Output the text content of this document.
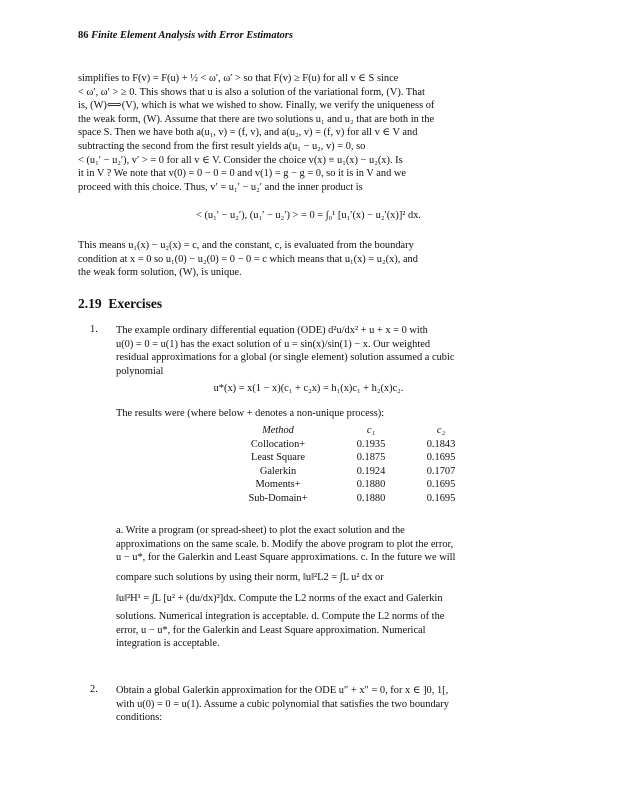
86 Finite Element Analysis with Error Estimators
simplifies to F(v) = F(u) + ½ < ω′, ω′ > so that F(v) ≥ F(u) for all v ∈ S since
< ω′, ω′ > ≥ 0. This shows that u is also a solution of the variational form, (V). That
is, (W)⟺(V), which is what we wished to show. Finally, we verify the uniqueness of
the weak form, (W). Assume that there are two solutions u₁ and u₂ that are both in the
space S. Then we have both a(u₁, v) = (f, v), and a(u₂, v) = (f, v) for all v ∈ V and
subtracting the second from the first result yields a(u₁ − u₂, v) = 0, so
< (u₁′ − u₂′), v′ > = 0 for all v ∈ V. Consider the choice v(x) ≡ u₁(x) − u₂(x). Is
it in V ? We note that v(0) = 0 − 0 = 0 and v(1) = g − g = 0, so it is in V and we
proceed with this choice. Thus, v′ = u₁′ − u₂′ and the inner product is
< (u₁′ − u₂′), (u₁′ − u₂′) > = 0 = ∫₀¹ [u₁′(x) − u₂′(x)]² dx.
This means u₁(x) − u₂(x) = c, and the constant, c, is evaluated from the boundary
condition at x = 0 so u₁(0) − u₂(0) = 0 − 0 = c which means that u₁(x) = u₂(x), and
the weak form solution, (W), is unique.
2.19 Exercises
1. The example ordinary differential equation (ODE) d²u/dx² + u + x = 0 with
u(0) = 0 = u(1) has the exact solution of u = sin(x)/sin(1) − x. Our weighted
residual approximations for a global (or single element) solution assumed a cubic
polynomial
u*(x) = x(1 − x)(c₁ + c₂x) = h₁(x)c₁ + h₂(x)c₂.
The results were (where below + denotes a non-unique process):
Method	c₁	c₂
Collocation+	0.1935	0.1843
Least Square	0.1875	0.1695
Galerkin	0.1924	0.1707
Moments+	0.1880	0.1695
Sub-Domain+	0.1880	0.1695
a. Write a program (or spread-sheet) to plot the exact solution and the
approximations on the same scale. b. Modify the above program to plot the error,
u − u*, for the Galerkin and Least Square approximations. c. In the future we will
compare such solutions by using their norm, ‖u‖²L2 = ∫L u² dx or
‖u‖²H¹ = ∫L [u² + (du/dx)²]dx. Compute the L2 norms of the exact and Galerkin
solutions. Numerical integration is acceptable. d. Compute the L2 norms of the
error, u − u*, for the Galerkin and Least Square approximation. Numerical
integration is acceptable.
2. Obtain a global Galerkin approximation for the ODE u″ + x″ = 0, for x ∈ ]0, 1[,
with u(0) = 0 = u(1). Assume a cubic polynomial that satisfies the two boundary
conditions:
